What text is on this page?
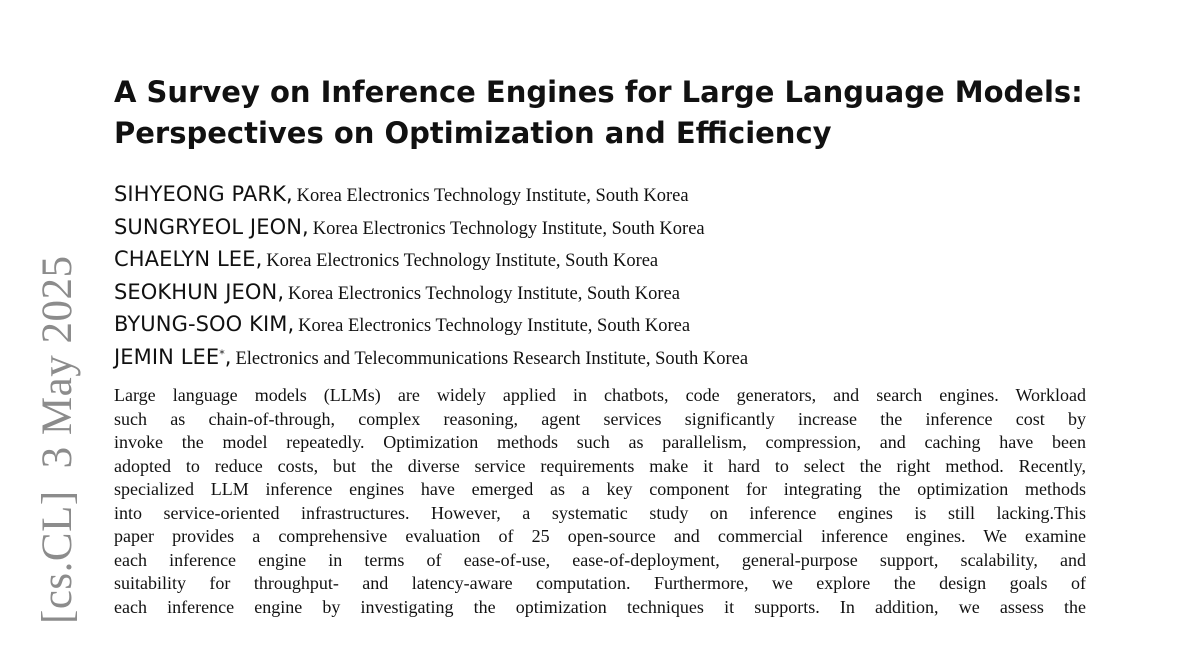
[cs.CL]3 May 2025
A Survey on Inference Engines for Large Language Models:
Perspectives on Optimization and Efficiency
SIHYEONG PARK, Korea Electronics Technology Institute, South Korea
SUNGRYEOL JEON, Korea Electronics Technology Institute, South Korea
CHAELYN LEE, Korea Electronics Technology Institute, South Korea
SEOKHUN JEON, Korea Electronics Technology Institute, South Korea
BYUNG-SOO KIM, Korea Electronics Technology Institute, South Korea
JEMIN LEE*, Electronics and Telecommunications Research Institute, South Korea

Large language models (LLMs) are widely applied in chatbots, code generators, and search engines. Workload
such as chain-of-through, complex reasoning, agent services significantly increase the inference cost by
invoke the model repeatedly. Optimization methods such as parallelism, compression, and caching have been
adopted to reduce costs, but the diverse service requirements make it hard to select the right method. Recently,
specialized LLM inference engines have emerged as a key component for integrating the optimization methods
into service-oriented infrastructures. However, a systematic study on inference engines is still lacking.This
paper provides a comprehensive evaluation of 25 open-source and commercial inference engines. We examine
each inference engine in terms of ease-of-use, ease-of-deployment, general-purpose support, scalability, and
suitability for throughput- and latency-aware computation. Furthermore, we explore the design goals of
each inference engine by investigating the optimization techniques it supports. In addition, we assess the
